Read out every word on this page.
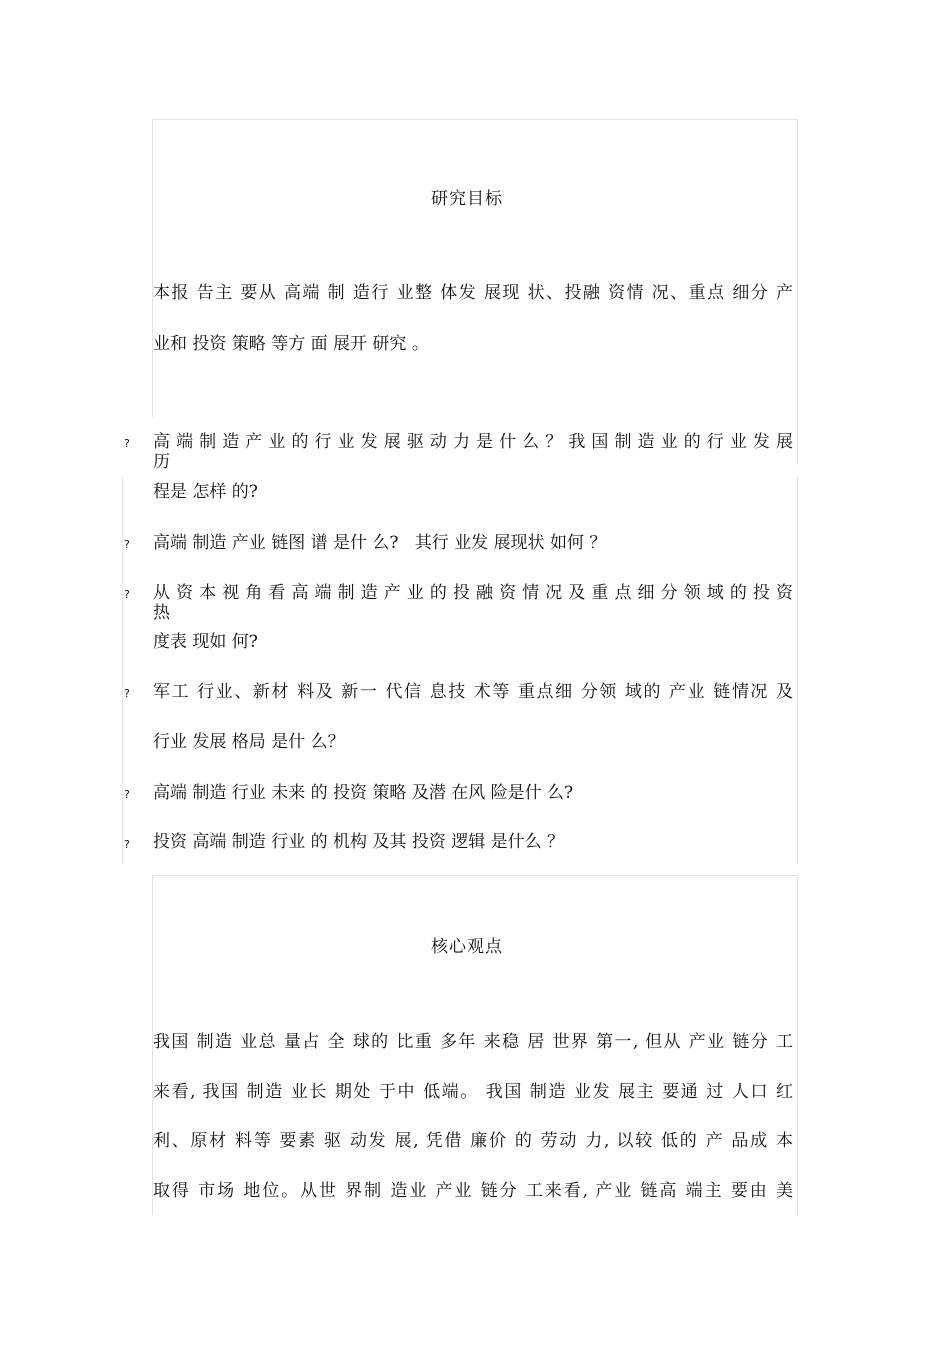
研究目标
本报 告主 要从 高端 制 造行 业整 体发 展现 状、投融 资情 况、重点 细分 产
业和 投资 策略 等方 面 展开 研究 。
? 高 端 制 造 产 业 的 行 业 发 展 驱 动 力 是 什 么 ？ 我 国 制 造 业 的 行 业 发 展 历
程是 怎样 的?
? 高端 制造 产业 链图 谱 是什 么?   其行 业发 展现状 如何 ？
? 从 资 本 视 角 看 高 端 制 造 产 业 的 投 融 资 情 况 及 重 点 细 分 领 域 的 投 资 热
度表 现如 何?
? 军工 行业、新材 料及 新一 代信 息技 术等 重点细 分领 域的 产业 链情况 及
行业 发展 格局 是什 么？
? 高端 制造 行业 未来 的 投资 策略 及潜 在风 险是什 么?
? 投资 高端 制造 行业 的 机构 及其 投资 逻辑 是什么 ？
核心观点
我国 制造 业总 量占 全 球的 比重 多年 来稳 居 世界 第一, 但从 产业 链分 工
来看, 我国 制造 业长 期处 于中 低端。 我国 制造 业发 展主 要通 过 人口 红
利、原材 料等 要素 驱 动发 展, 凭借 廉价 的 劳动 力, 以较 低的 产 品成 本
取得 市场 地位。从世 界制 造业 产业 链分 工来看, 产业 链高 端主 要由 美
